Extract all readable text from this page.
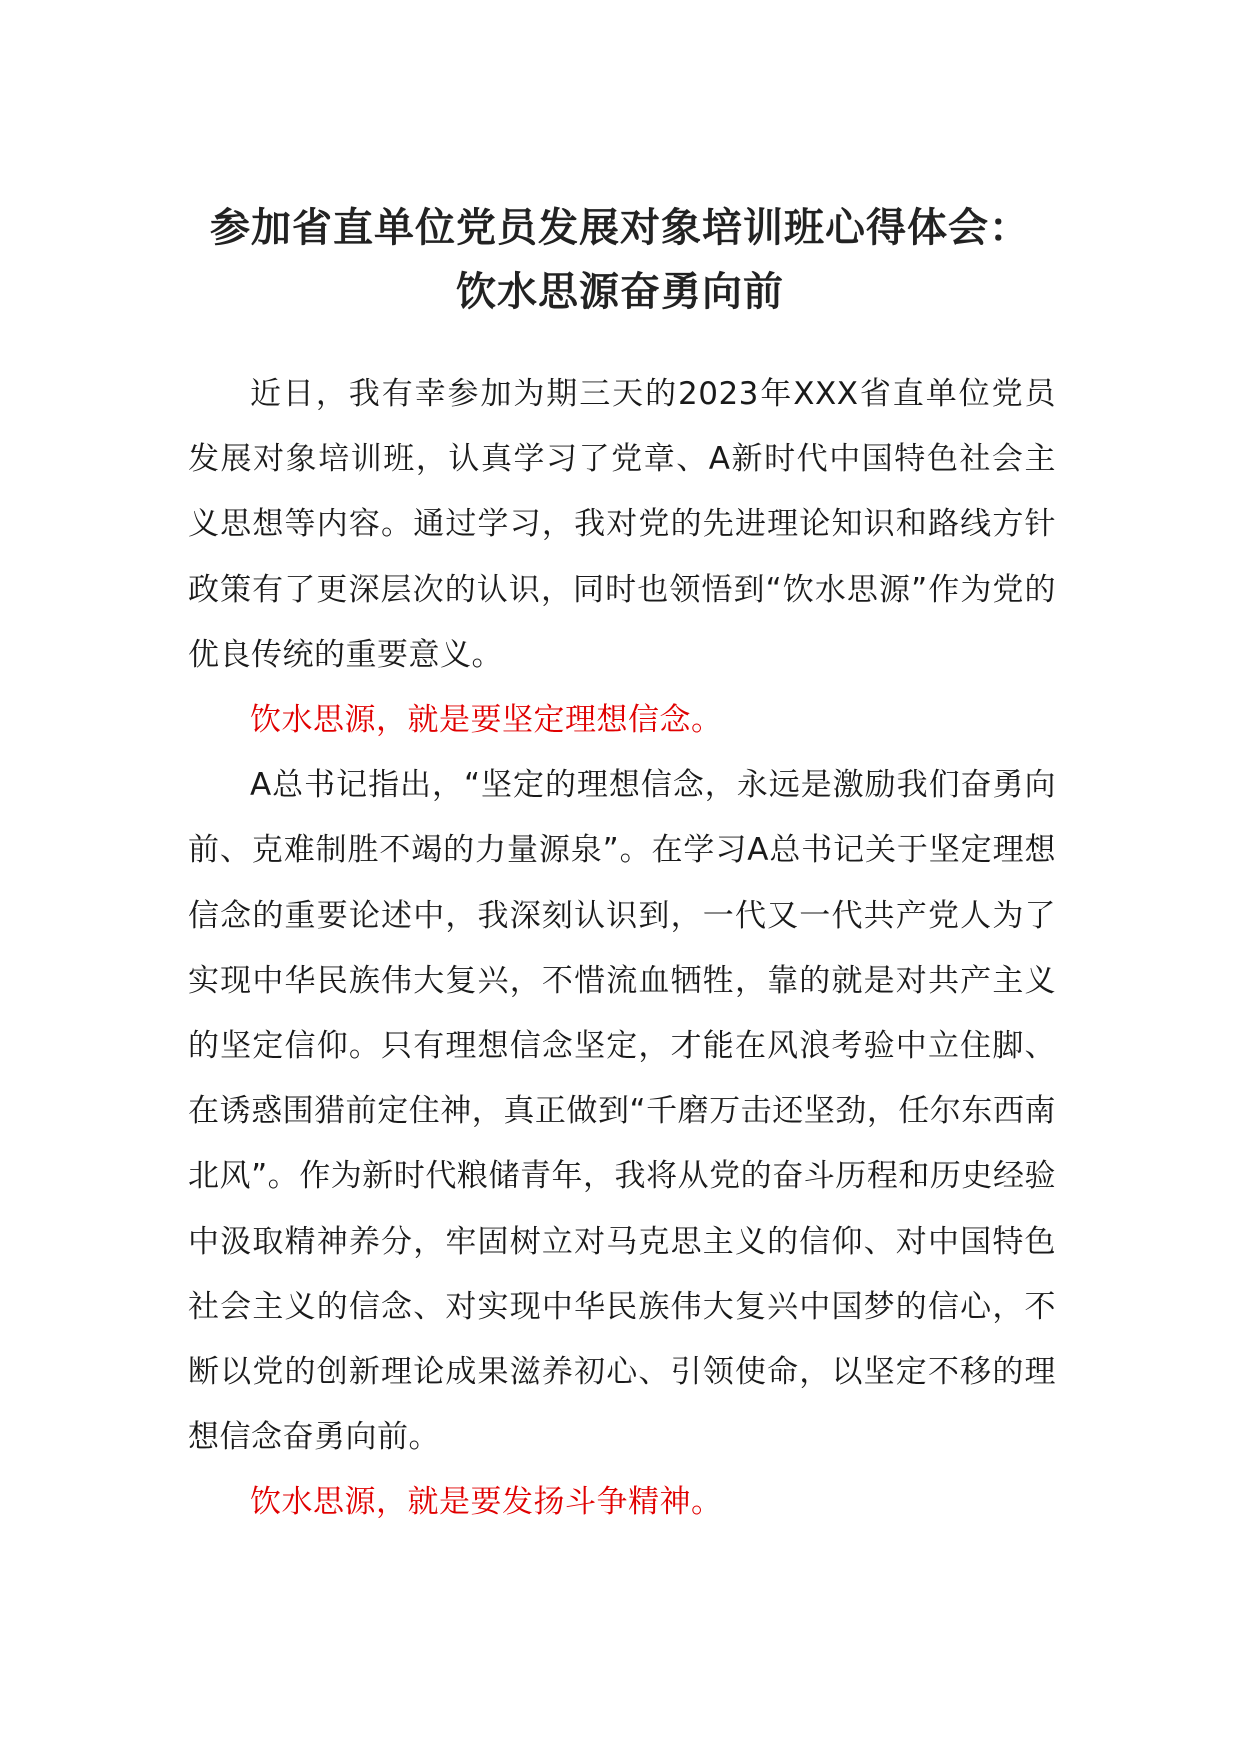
参加省直单位党员发展对象培训班心得体会：
饮水思源奋勇向前

近日，我有幸参加为期三天的2023年XXX省直单位党员发展对象培训班，认真学习了党章、A新时代中国特色社会主义思想等内容。通过学习，我对党的先进理论知识和路线方针政策有了更深层次的认识，同时也领悟到“饮水思源”作为党的优良传统的重要意义。

饮水思源，就是要坚定理想信念。

A总书记指出，“坚定的理想信念，永远是激励我们奋勇向前、克难制胜不竭的力量源泉”。在学习A总书记关于坚定理想信念的重要论述中，我深刻认识到，一代又一代共产党人为了实现中华民族伟大复兴，不惜流血牺牲，靠的就是对共产主义的坚定信仰。只有理想信念坚定，才能在风浪考验中立住脚、在诱惑围猎前定住神，真正做到“千磨万击还坚劲，任尔东西南北风”。作为新时代粮储青年，我将从党的奋斗历程和历史经验中汲取精神养分，牢固树立对马克思主义的信仰、对中国特色社会主义的信念、对实现中华民族伟大复兴中国梦的信心，不断以党的创新理论成果滋养初心、引领使命，以坚定不移的理想信念奋勇向前。

饮水思源，就是要发扬斗争精神。
